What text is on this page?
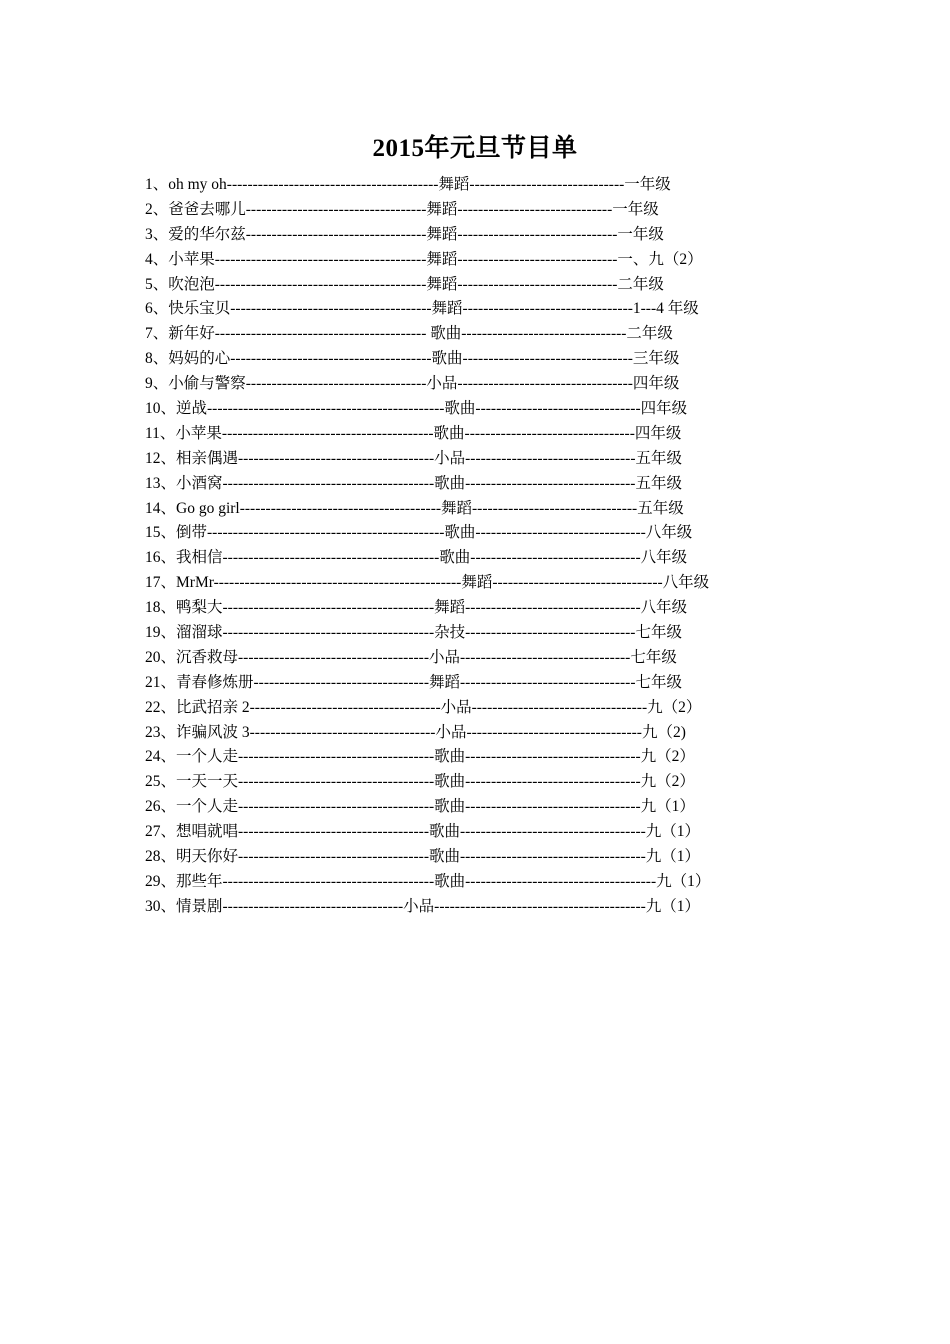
2015年元旦节目单
1、oh my oh-----------------------------------------舞蹈------------------------------一年级
2、爸爸去哪儿-----------------------------------舞蹈------------------------------一年级
3、爱的华尔兹-----------------------------------舞蹈-------------------------------一年级
4、小苹果-----------------------------------------舞蹈-------------------------------一、九（2）
5、吹泡泡-----------------------------------------舞蹈-------------------------------二年级
6、快乐宝贝---------------------------------------舞蹈---------------------------------1---4 年级
7、新年好----------------------------------------- 歌曲--------------------------------二年级
8、妈妈的心---------------------------------------歌曲---------------------------------三年级
9、小偷与警察-----------------------------------小品----------------------------------四年级
10、逆战----------------------------------------------歌曲--------------------------------四年级
11、小苹果-----------------------------------------歌曲---------------------------------四年级
12、相亲偶遇--------------------------------------小品---------------------------------五年级
13、小酒窝-----------------------------------------歌曲---------------------------------五年级
14、Go go girl---------------------------------------舞蹈--------------------------------五年级
15、倒带----------------------------------------------歌曲---------------------------------八年级
16、我相信------------------------------------------歌曲---------------------------------八年级
17、MrMr------------------------------------------------舞蹈---------------------------------八年级
18、鸭梨大-----------------------------------------舞蹈----------------------------------八年级
19、溜溜球-----------------------------------------杂技---------------------------------七年级
20、沉香救母-------------------------------------小品---------------------------------七年级
21、青春修炼册----------------------------------舞蹈----------------------------------七年级
22、比武招亲 2-------------------------------------小品----------------------------------九（2）
23、诈骗风波 3------------------------------------小品----------------------------------九（2)
24、一个人走--------------------------------------歌曲----------------------------------九（2）
25、一天一天--------------------------------------歌曲----------------------------------九（2）
26、一个人走--------------------------------------歌曲----------------------------------九（1）
27、想唱就唱-------------------------------------歌曲------------------------------------九（1）
28、明天你好-------------------------------------歌曲------------------------------------九（1）
29、那些年-----------------------------------------歌曲-------------------------------------九（1）
30、情景剧-----------------------------------小品-----------------------------------------九（1）
